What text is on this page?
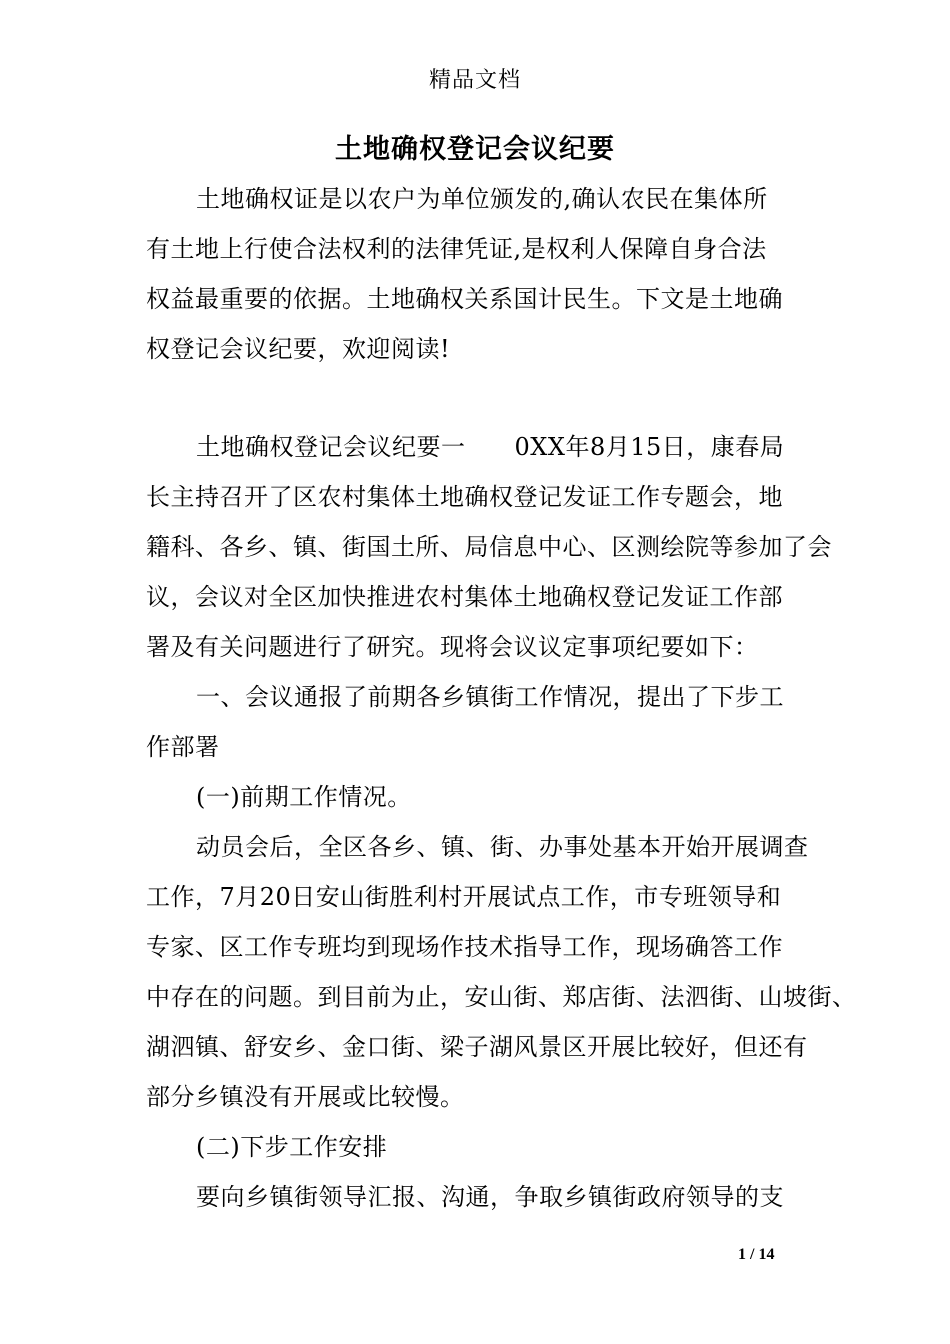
精品文档
土地确权登记会议纪要
土地确权证是以农户为单位颁发的,确认农民在集体所
有土地上行使合法权利的法律凭证,是权利人保障自身合法
权益最重要的依据。土地确权关系国计民生。下文是土地确
权登记会议纪要，欢迎阅读!
土地确权登记会议纪要一　　0XX年8月15日，康春局
长主持召开了区农村集体土地确权登记发证工作专题会，地
籍科、各乡、镇、街国土所、局信息中心、区测绘院等参加了会
议，会议对全区加快推进农村集体土地确权登记发证工作部
署及有关问题进行了研究。现将会议议定事项纪要如下：
一、会议通报了前期各乡镇街工作情况，提出了下步工
作部署
(一)前期工作情况。
动员会后，全区各乡、镇、街、办事处基本开始开展调查
工作，7月20日安山街胜利村开展试点工作，市专班领导和
专家、区工作专班均到现场作技术指导工作，现场确答工作
中存在的问题。到目前为止，安山街、郑店街、法泗街、山坡街、
湖泗镇、舒安乡、金口街、梁子湖风景区开展比较好，但还有
部分乡镇没有开展或比较慢。
(二)下步工作安排
要向乡镇街领导汇报、沟通，争取乡镇街政府领导的支
1 / 14
